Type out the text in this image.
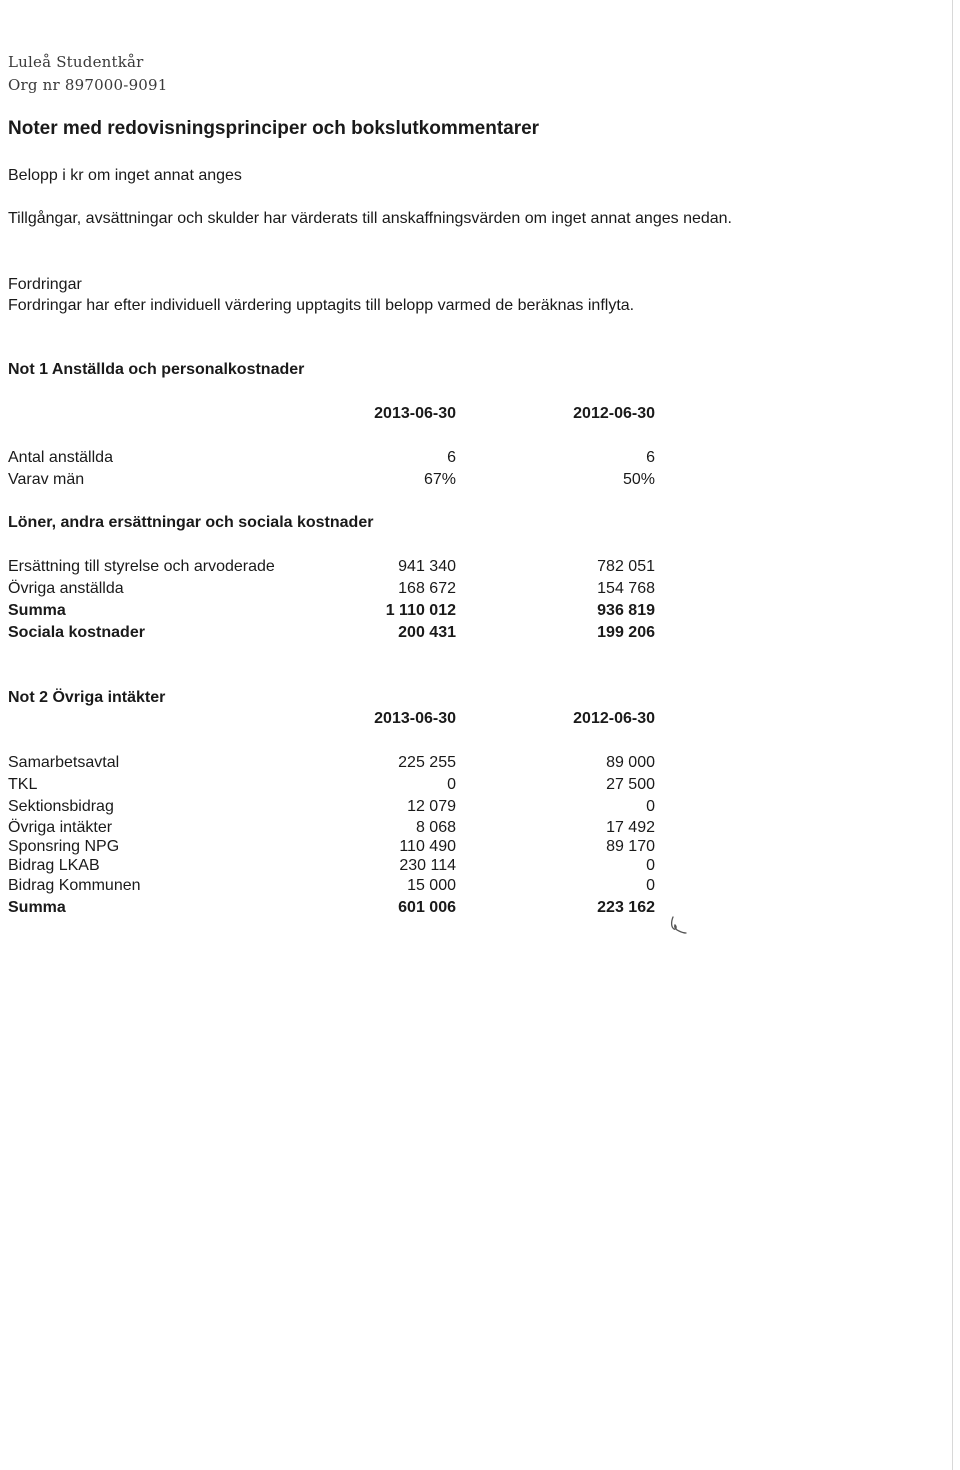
Luleå Studentkår
Org nr 897000-9091
Noter med redovisningsprinciper och bokslutkommentarer
Belopp i kr om inget annat anges
Tillgångar, avsättningar och skulder har värderats till anskaffningsvärden om inget annat anges nedan.
Fordringar
Fordringar har efter individuell värdering upptagits till belopp varmed de beräknas inflyta.
Not 1 Anställda och personalkostnader
2013-06-30	2012-06-30
Antal anställda	6	6
Varav män	67%	50%
Löner, andra ersättningar och sociala kostnader
Ersättning till styrelse och arvoderade	941 340	782 051
Övriga anställda	168 672	154 768
Summa	1 110 012	936 819
Sociala kostnader	200 431	199 206
Not 2 Övriga intäkter
2013-06-30	2012-06-30
Samarbetsavtal	225 255	89 000
TKL	0	27 500
Sektionsbidrag	12 079	0
Övriga intäkter	8 068	17 492
Sponsring NPG	110 490	89 170
Bidrag LKAB	230 114	0
Bidrag Kommunen	15 000	0
Summa	601 006	223 162
